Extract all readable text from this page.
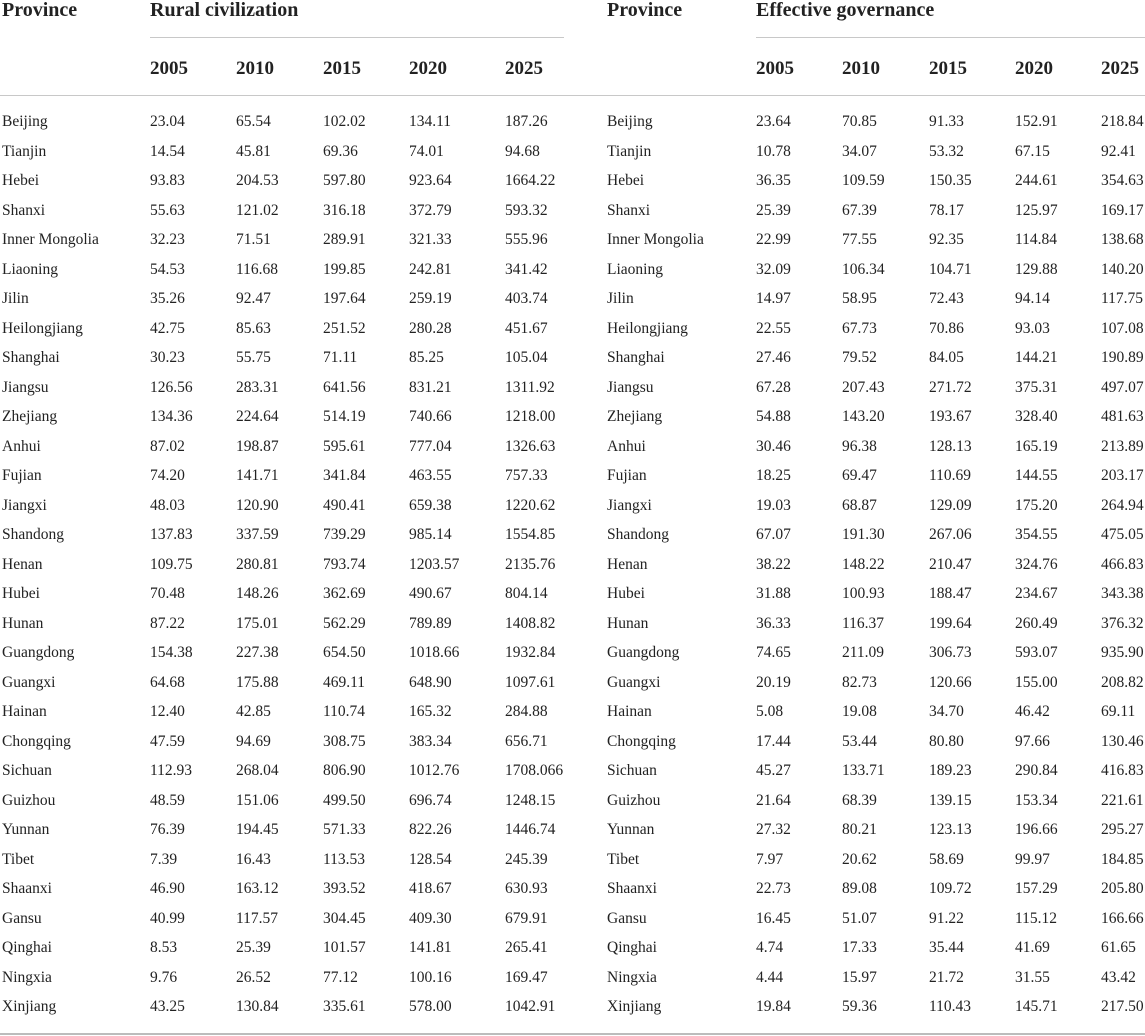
Province	Rural civilization	Province	Effective governance
2005	2010	2015	2020	2025	2005	2010	2015	2020	2025
Beijing	23.04	65.54	102.02	134.11	187.26	Beijing	23.64	70.85	91.33	152.91	218.84
Tianjin	14.54	45.81	69.36	74.01	94.68	Tianjin	10.78	34.07	53.32	67.15	92.41
Hebei	93.83	204.53	597.80	923.64	1664.22	Hebei	36.35	109.59	150.35	244.61	354.63
Shanxi	55.63	121.02	316.18	372.79	593.32	Shanxi	25.39	67.39	78.17	125.97	169.17
Inner Mongolia	32.23	71.51	289.91	321.33	555.96	Inner Mongolia	22.99	77.55	92.35	114.84	138.68
Liaoning	54.53	116.68	199.85	242.81	341.42	Liaoning	32.09	106.34	104.71	129.88	140.20
Jilin	35.26	92.47	197.64	259.19	403.74	Jilin	14.97	58.95	72.43	94.14	117.75
Heilongjiang	42.75	85.63	251.52	280.28	451.67	Heilongjiang	22.55	67.73	70.86	93.03	107.08
Shanghai	30.23	55.75	71.11	85.25	105.04	Shanghai	27.46	79.52	84.05	144.21	190.89
Jiangsu	126.56	283.31	641.56	831.21	1311.92	Jiangsu	67.28	207.43	271.72	375.31	497.07
Zhejiang	134.36	224.64	514.19	740.66	1218.00	Zhejiang	54.88	143.20	193.67	328.40	481.63
Anhui	87.02	198.87	595.61	777.04	1326.63	Anhui	30.46	96.38	128.13	165.19	213.89
Fujian	74.20	141.71	341.84	463.55	757.33	Fujian	18.25	69.47	110.69	144.55	203.17
Jiangxi	48.03	120.90	490.41	659.38	1220.62	Jiangxi	19.03	68.87	129.09	175.20	264.94
Shandong	137.83	337.59	739.29	985.14	1554.85	Shandong	67.07	191.30	267.06	354.55	475.05
Henan	109.75	280.81	793.74	1203.57	2135.76	Henan	38.22	148.22	210.47	324.76	466.83
Hubei	70.48	148.26	362.69	490.67	804.14	Hubei	31.88	100.93	188.47	234.67	343.38
Hunan	87.22	175.01	562.29	789.89	1408.82	Hunan	36.33	116.37	199.64	260.49	376.32
Guangdong	154.38	227.38	654.50	1018.66	1932.84	Guangdong	74.65	211.09	306.73	593.07	935.90
Guangxi	64.68	175.88	469.11	648.90	1097.61	Guangxi	20.19	82.73	120.66	155.00	208.82
Hainan	12.40	42.85	110.74	165.32	284.88	Hainan	5.08	19.08	34.70	46.42	69.11
Chongqing	47.59	94.69	308.75	383.34	656.71	Chongqing	17.44	53.44	80.80	97.66	130.46
Sichuan	112.93	268.04	806.90	1012.76	1708.066	Sichuan	45.27	133.71	189.23	290.84	416.83
Guizhou	48.59	151.06	499.50	696.74	1248.15	Guizhou	21.64	68.39	139.15	153.34	221.61
Yunnan	76.39	194.45	571.33	822.26	1446.74	Yunnan	27.32	80.21	123.13	196.66	295.27
Tibet	7.39	16.43	113.53	128.54	245.39	Tibet	7.97	20.62	58.69	99.97	184.85
Shaanxi	46.90	163.12	393.52	418.67	630.93	Shaanxi	22.73	89.08	109.72	157.29	205.80
Gansu	40.99	117.57	304.45	409.30	679.91	Gansu	16.45	51.07	91.22	115.12	166.66
Qinghai	8.53	25.39	101.57	141.81	265.41	Qinghai	4.74	17.33	35.44	41.69	61.65
Ningxia	9.76	26.52	77.12	100.16	169.47	Ningxia	4.44	15.97	21.72	31.55	43.42
Xinjiang	43.25	130.84	335.61	578.00	1042.91	Xinjiang	19.84	59.36	110.43	145.71	217.50
